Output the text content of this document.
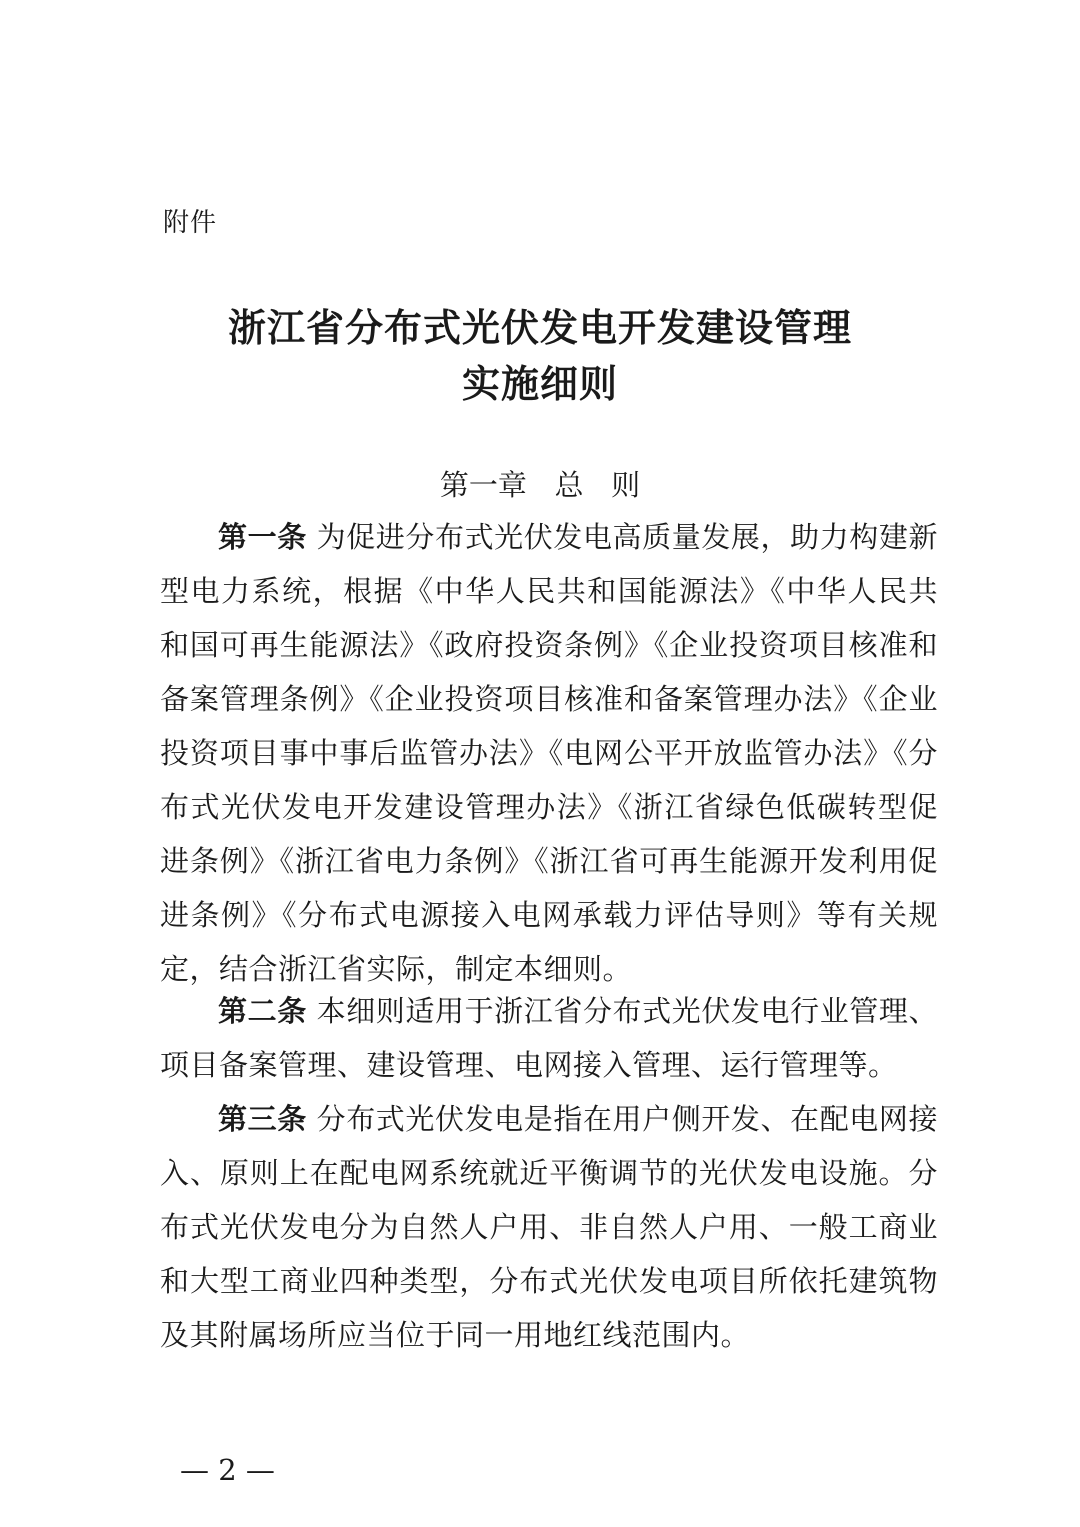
附件
浙江省分布式光伏发电开发建设管理
实施细则
第一章   总   则

第一条 为促进分布式光伏发电高质量发展，助力构建新型电力系统，根据《中华人民共和国能源法》《中华人民共和国可再生能源法》《政府投资条例》《企业投资项目核准和备案管理条例》《企业投资项目核准和备案管理办法》《企业投资项目事中事后监管办法》《电网公平开放监管办法》《分布式光伏发电开发建设管理办法》《浙江省绿色低碳转型促进条例》《浙江省电力条例》《浙江省可再生能源开发利用促进条例》《分布式电源接入电网承载力评估导则》等有关规定，结合浙江省实际，制定本细则。

第二条 本细则适用于浙江省分布式光伏发电行业管理、项目备案管理、建设管理、电网接入管理、运行管理等。

第三条 分布式光伏发电是指在用户侧开发、在配电网接入、原则上在配电网系统就近平衡调节的光伏发电设施。分布式光伏发电分为自然人户用、非自然人户用、一般工商业和大型工商业四种类型，分布式光伏发电项目所依托建筑物及其附属场所应当位于同一用地红线范围内。

— 2 —
